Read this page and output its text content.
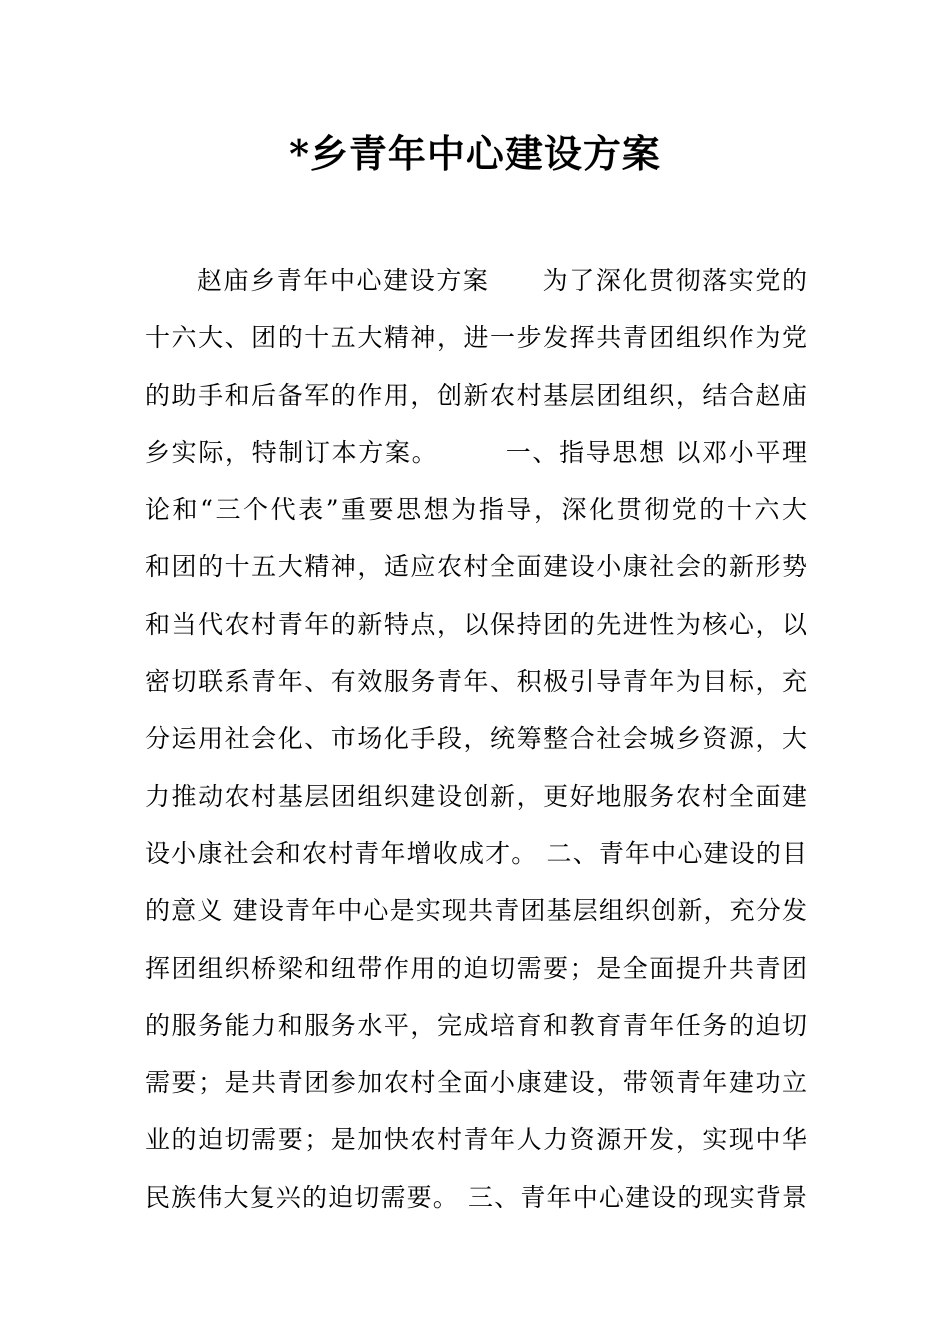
*乡青年中心建设方案
赵庙乡青年中心建设方案　　为了深化贯彻落实党的
十六大、团的十五大精神，进一步发挥共青团组织作为党
的助手和后备军的作用，创新农村基层团组织，结合赵庙
乡实际，特制订本方案。　　　一、指导思想 以邓小平理
论和“三个代表”重要思想为指导，深化贯彻党的十六大
和团的十五大精神，适应农村全面建设小康社会的新形势
和当代农村青年的新特点，以保持团的先进性为核心，以
密切联系青年、有效服务青年、积极引导青年为目标，充
分运用社会化、市场化手段，统筹整合社会城乡资源，大
力推动农村基层团组织建设创新，更好地服务农村全面建
设小康社会和农村青年增收成才。 二、青年中心建设的目
的意义 建设青年中心是实现共青团基层组织创新，充分发
挥团组织桥梁和纽带作用的迫切需要；是全面提升共青团
的服务能力和服务水平，完成培育和教育青年任务的迫切
需要；是共青团参加农村全面小康建设，带领青年建功立
业的迫切需要；是加快农村青年人力资源开发，实现中华
民族伟大复兴的迫切需要。 三、青年中心建设的现实背景
